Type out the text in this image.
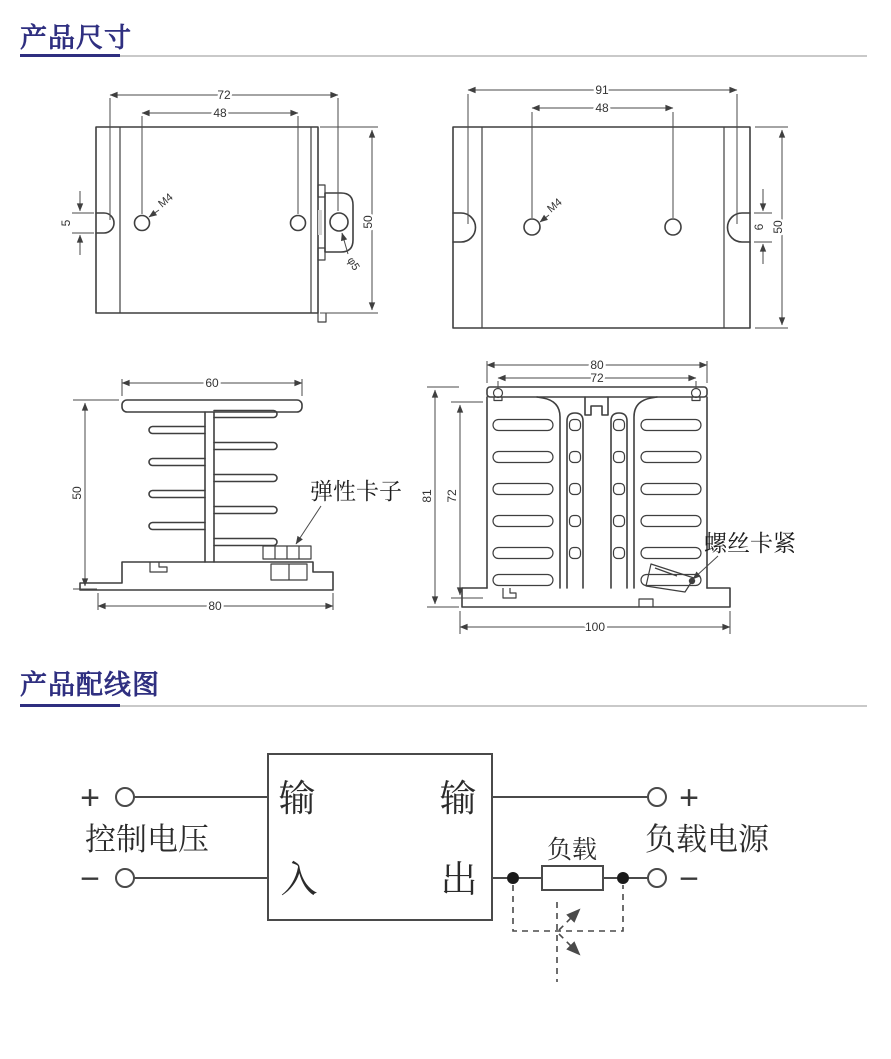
产品尺寸
72
48
50
5
M4
φ5
91
48
6 50
M4
60
50
80
弹性卡子
80
72
81 72
100
螺丝卡紧
产品配线图
输	输
入	出
+
−
控制电压	负载
+
−
负载电源
